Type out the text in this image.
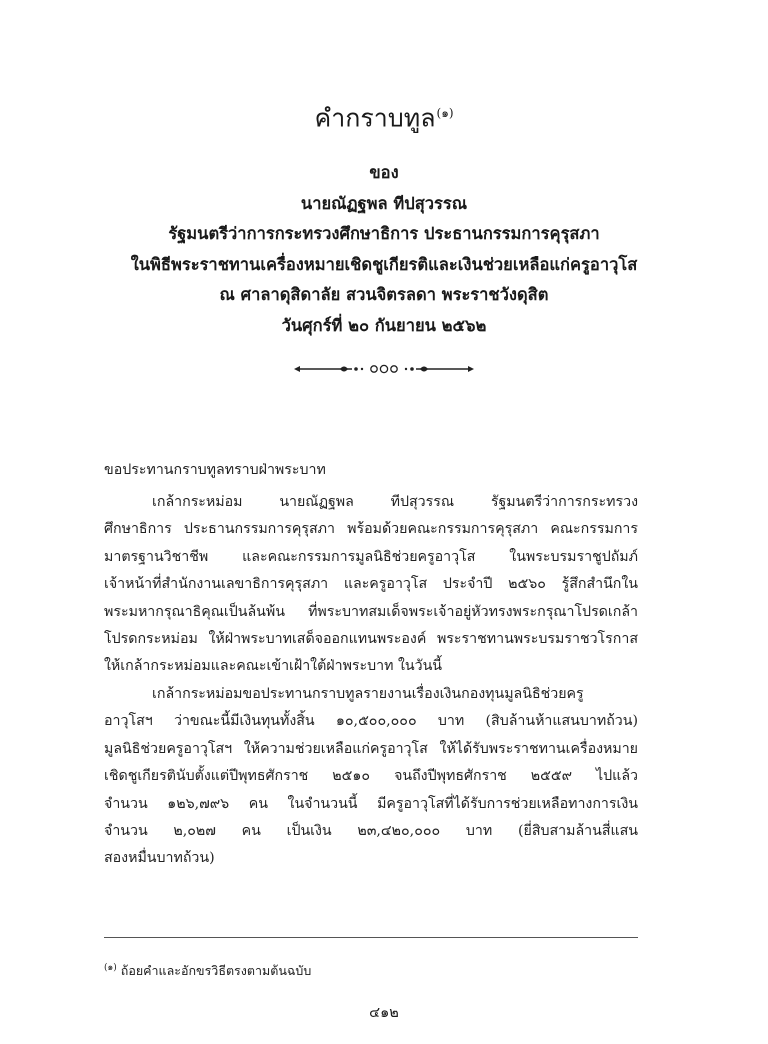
คำกราบทูล$^{(๑)}$
ของ
นายณัฏฐพล ทีปสุวรรณ
รัฐมนตรีว่าการกระทรวงศึกษาธิการ ประธานกรรมการคุรุสภา
ในพิธีพระราชทานเครื่องหมายเชิดชูเกียรติและเงินช่วยเหลือแก่ครูอาวุโส
ณ ศาลาดุสิดาลัย สวนจิตรลดา พระราชวังดุสิต
วันศุกร์ที่ ๒๐ กันยายน ๒๕๖๒
ขอประทานกราบทูลทราบฝ่าพระบาท
เกล้ากระหม่อม นายณัฏฐพล ทีปสุวรรณ รัฐมนตรีว่าการกระทรวง
ศึกษาธิการ ประธานกรรมการคุรุสภา พร้อมด้วยคณะกรรมการคุรุสภา คณะกรรมการ
มาตรฐานวิชาชีพ และคณะกรรมการมูลนิธิช่วยครูอาวุโส ในพระบรมราชูปถัมภ์
เจ้าหน้าที่สำนักงานเลขาธิการคุรุสภา และครูอาวุโส ประจำปี ๒๕๖๐ รู้สึกสำนึกใน
พระมหากรุณาธิคุณเป็นล้นพ้น ที่พระบาทสมเด็จพระเจ้าอยู่หัวทรงพระกรุณาโปรดเกล้า
โปรดกระหม่อม ให้ฝ่าพระบาทเสด็จออกแทนพระองค์ พระราชทานพระบรมราชวโรกาส
ให้เกล้ากระหม่อมและคณะเข้าเฝ้าใต้ฝ่าพระบาท ในวันนี้
เกล้ากระหม่อมขอประทานกราบทูลรายงานเรื่องเงินกองทุนมูลนิธิช่วยครู
อาวุโสฯ ว่าขณะนี้มีเงินทุนทั้งสิ้น ๑๐,๕๐๐,๐๐๐ บาท (สิบล้านห้าแสนบาทถ้วน)
มูลนิธิช่วยครูอาวุโสฯ ให้ความช่วยเหลือแก่ครูอาวุโส ให้ได้รับพระราชทานเครื่องหมาย
เชิดชูเกียรตินับตั้งแต่ปีพุทธศักราช ๒๕๑๐ จนถึงปีพุทธศักราช ๒๕๕๙ ไปแล้ว
จำนวน ๑๒๖,๗๙๖ คน ในจำนวนนี้ มีครูอาวุโสที่ได้รับการช่วยเหลือทางการเงิน
จำนวน ๒,๐๒๗ คน เป็นเงิน ๒๓,๔๒๐,๐๐๐ บาท (ยี่สิบสามล้านสี่แสน
สองหมื่นบาทถ้วน)
$^{(๑)}$ ถ้อยคำและอักขรวิธีตรงตามต้นฉบับ
๔๑๒
